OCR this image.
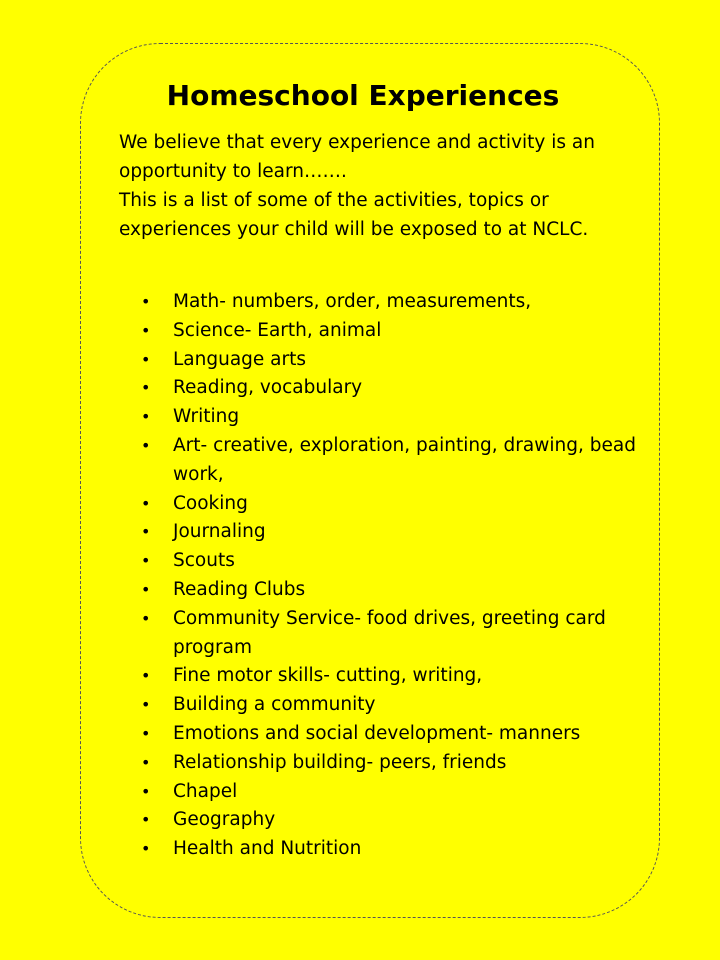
Homeschool Experiences

We believe that every experience and activity is an opportunity to learn…….
This is a list of some of the activities, topics or experiences your child will be exposed to at NCLC.

• Math- numbers, order, measurements,
• Science- Earth, animal
• Language arts
• Reading, vocabulary
• Writing
• Art- creative, exploration, painting, drawing, bead work,
• Cooking
• Journaling
• Scouts
• Reading Clubs
• Community Service- food drives, greeting card program
• Fine motor skills- cutting, writing,
• Building a community
• Emotions and social development- manners
• Relationship building- peers, friends
• Chapel
• Geography
• Health and Nutrition
